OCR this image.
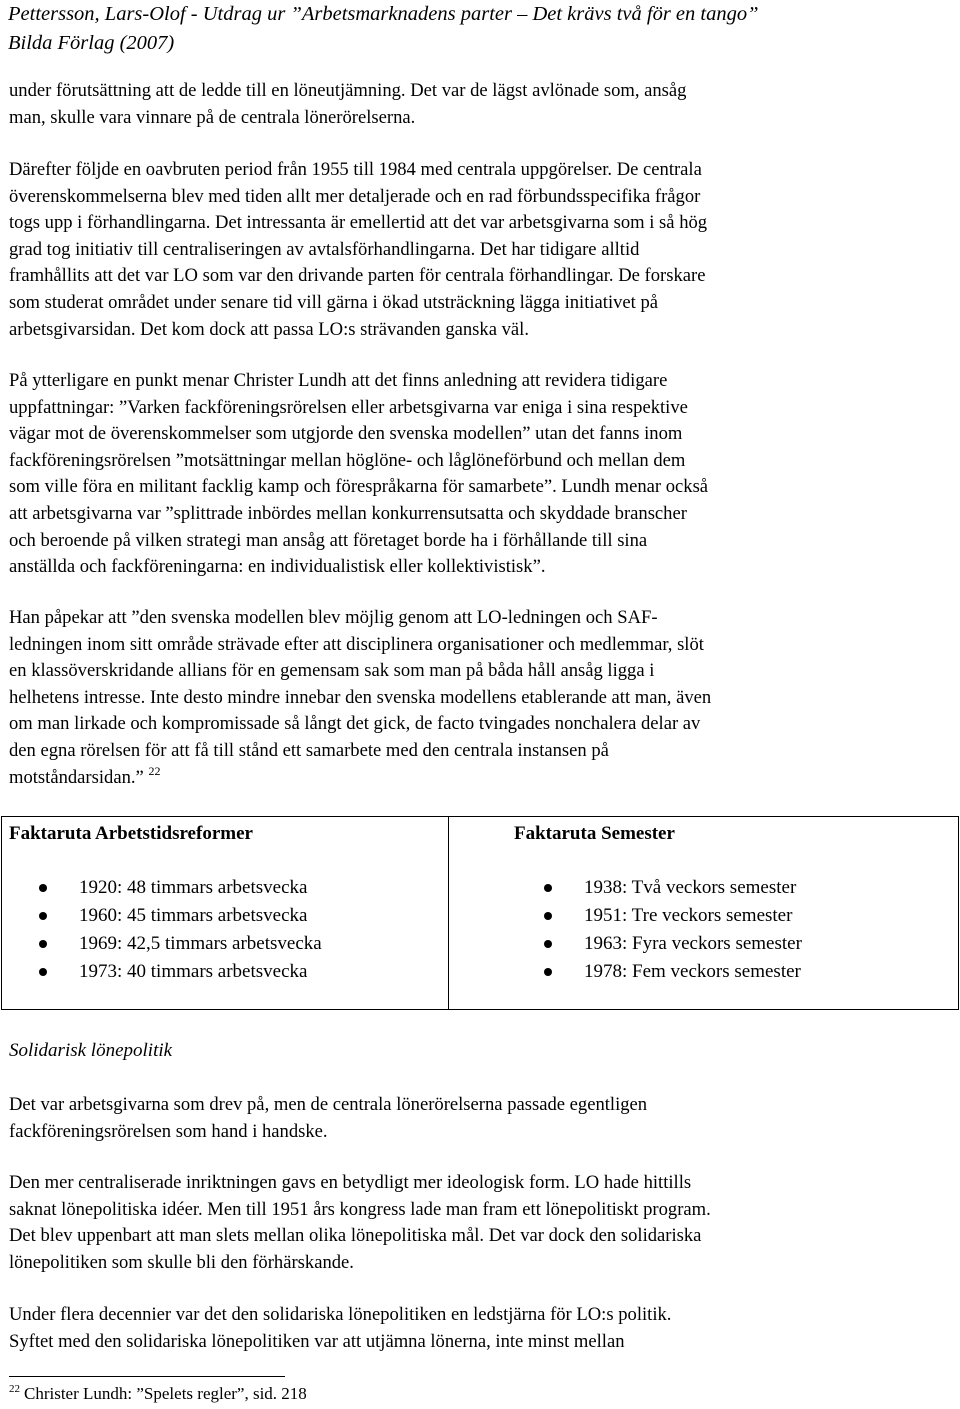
Pettersson, Lars-Olof - Utdrag ur ”Arbetsmarknadens parter – Det krävs två för en tango”
Bilda Förlag (2007)
under förutsättning att de ledde till en löneutjämning. Det var de lägst avlönade som, ansåg
man, skulle vara vinnare på de centrala lönerörelserna.
Därefter följde en oavbruten period från 1955 till 1984 med centrala uppgörelser. De centrala
överenskommelserna blev med tiden allt mer detaljerade och en rad förbundsspecifika frågor
togs upp i förhandlingarna. Det intressanta är emellertid att det var arbetsgivarna som i så hög
grad tog initiativ till centraliseringen av avtalsförhandlingarna. Det har tidigare alltid
framhållits att det var LO som var den drivande parten för centrala förhandlingar. De forskare
som studerat området under senare tid vill gärna i ökad utsträckning lägga initiativet på
arbetsgivarsidan. Det kom dock att passa LO:s strävanden ganska väl.
På ytterligare en punkt menar Christer Lundh att det finns anledning att revidera tidigare
uppfattningar: ”Varken fackföreningsrörelsen eller arbetsgivarna var eniga i sina respektive
vägar mot de överenskommelser som utgjorde den svenska modellen” utan det fanns inom
fackföreningsrörelsen ”motsättningar mellan höglöne- och låglöneförbund och mellan dem
som ville föra en militant facklig kamp och förespråkarna för samarbete”. Lundh menar också
att arbetsgivarna var ”splittrade inbördes mellan konkurrensutsatta och skyddade branscher
och beroende på vilken strategi man ansåg att företaget borde ha i förhållande till sina
anställda och fackföreningarna: en individualistisk eller kollektivistisk”.
Han påpekar att ”den svenska modellen blev möjlig genom att LO-ledningen och SAF-
ledningen inom sitt område strävade efter att disciplinera organisationer och medlemmar, slöt
en klassöverskridande allians för en gemensam sak som man på båda håll ansåg ligga i
helhetens intresse. Inte desto mindre innebar den svenska modellens etablerande att man, även
om man lirkade och kompromissade så långt det gick, de facto tvingades nonchalera delar av
den egna rörelsen för att få till stånd ett samarbete med den centrala instansen på
motståndarsidan.” $^{22}$
Faktaruta Arbetstidsreformer
1920: 48 timmars arbetsvecka
1960: 45 timmars arbetsvecka
1969: 42,5 timmars arbetsvecka
1973: 40 timmars arbetsvecka
Faktaruta Semester
1938: Två veckors semester
1951: Tre veckors semester
1963: Fyra veckors semester
1978: Fem veckors semester
Solidarisk lönepolitik
Det var arbetsgivarna som drev på, men de centrala lönerörelserna passade egentligen
fackföreningsrörelsen som hand i handske.
Den mer centraliserade inriktningen gavs en betydligt mer ideologisk form. LO hade hittills
saknat lönepolitiska idéer. Men till 1951 års kongress lade man fram ett lönepolitiskt program.
Det blev uppenbart att man slets mellan olika lönepolitiska mål. Det var dock den solidariska
lönepolitiken som skulle bli den förhärskande.
Under flera decennier var det den solidariska lönepolitiken en ledstjärna för LO:s politik.
Syftet med den solidariska lönepolitiken var att utjämna lönerna, inte minst mellan
$^{22}$ Christer Lundh: ”Spelets regler”, sid. 218
